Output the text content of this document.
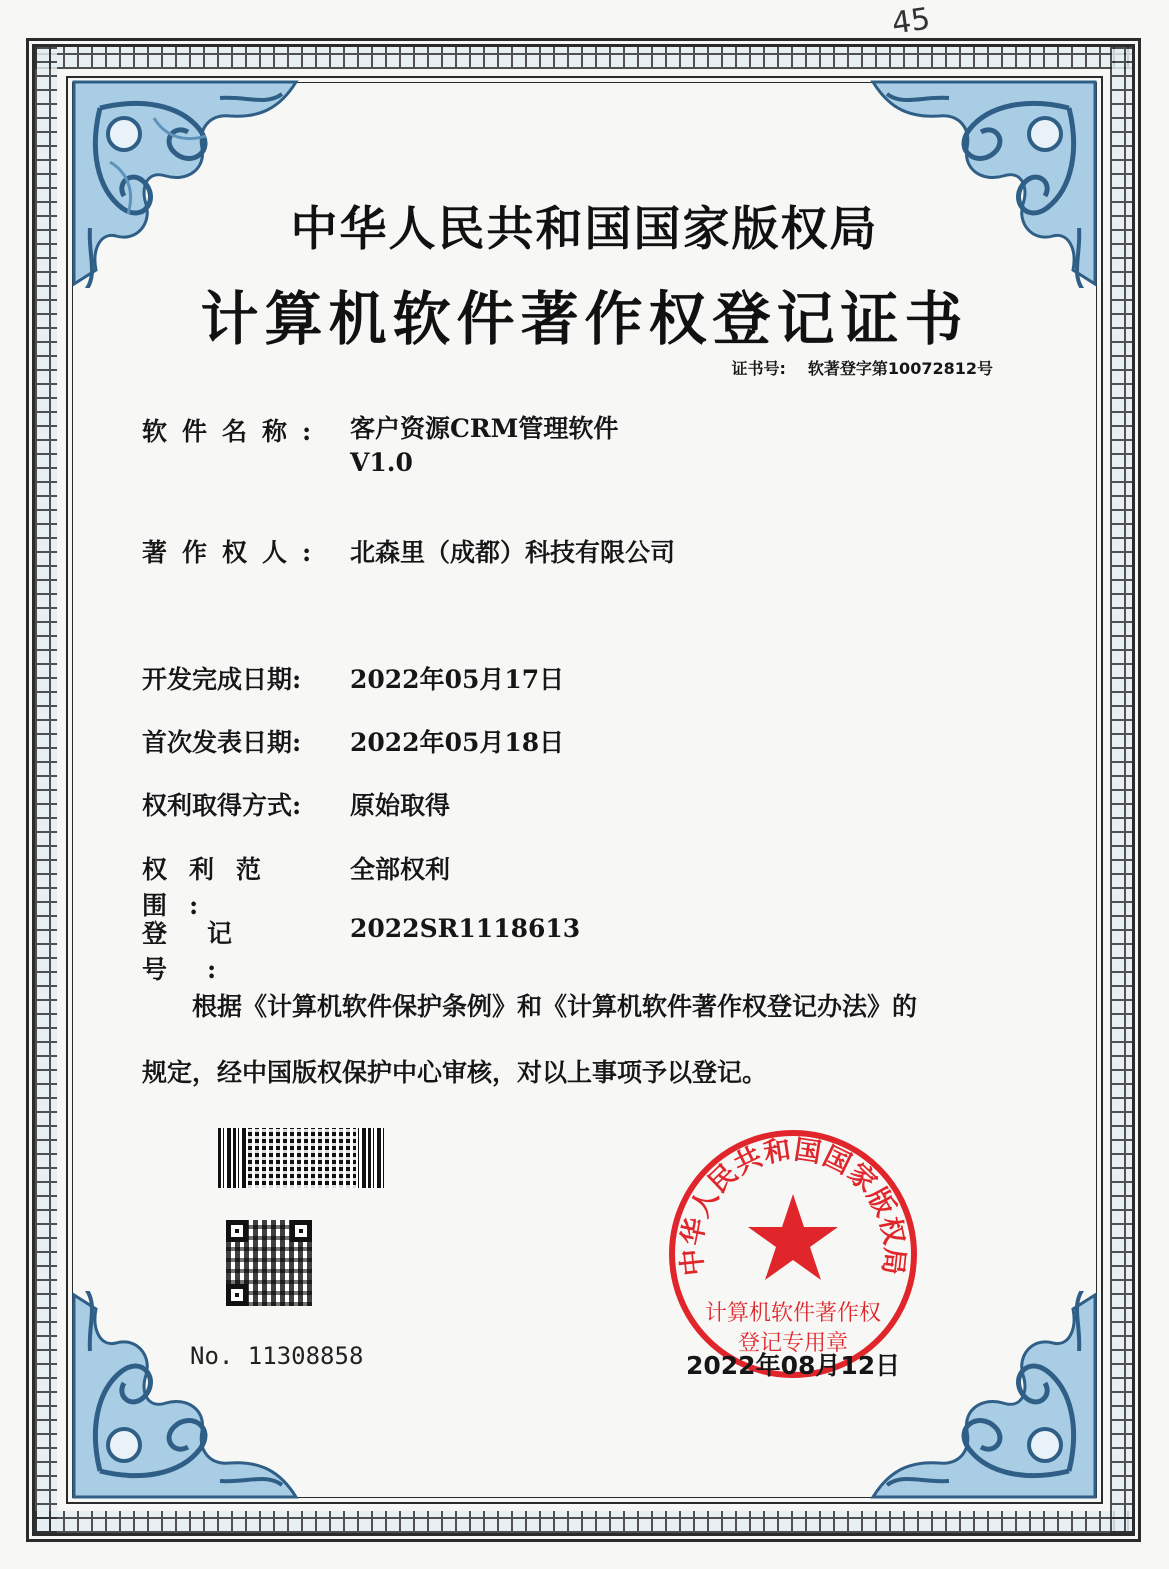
45
中华人民共和国国家版权局
计算机软件著作权登记证书
证书号: 软著登字第10072812号
软件名称: 客户资源CRM管理软件
V1.0
著作权人: 北森里（成都）科技有限公司
开发完成日期: 2022年05月17日
首次发表日期: 2022年05月18日
权利取得方式: 原始取得
权利范围:全部权利
登记号:2022SR1118613
根据《计算机软件保护条例》和《计算机软件著作权登记办法》的
规定，经中国版权保护中心审核，对以上事项予以登记。
No. 11308858
中华人民共和国国家版权局
计算机软件著作权
登记专用章
2022年08月12日
